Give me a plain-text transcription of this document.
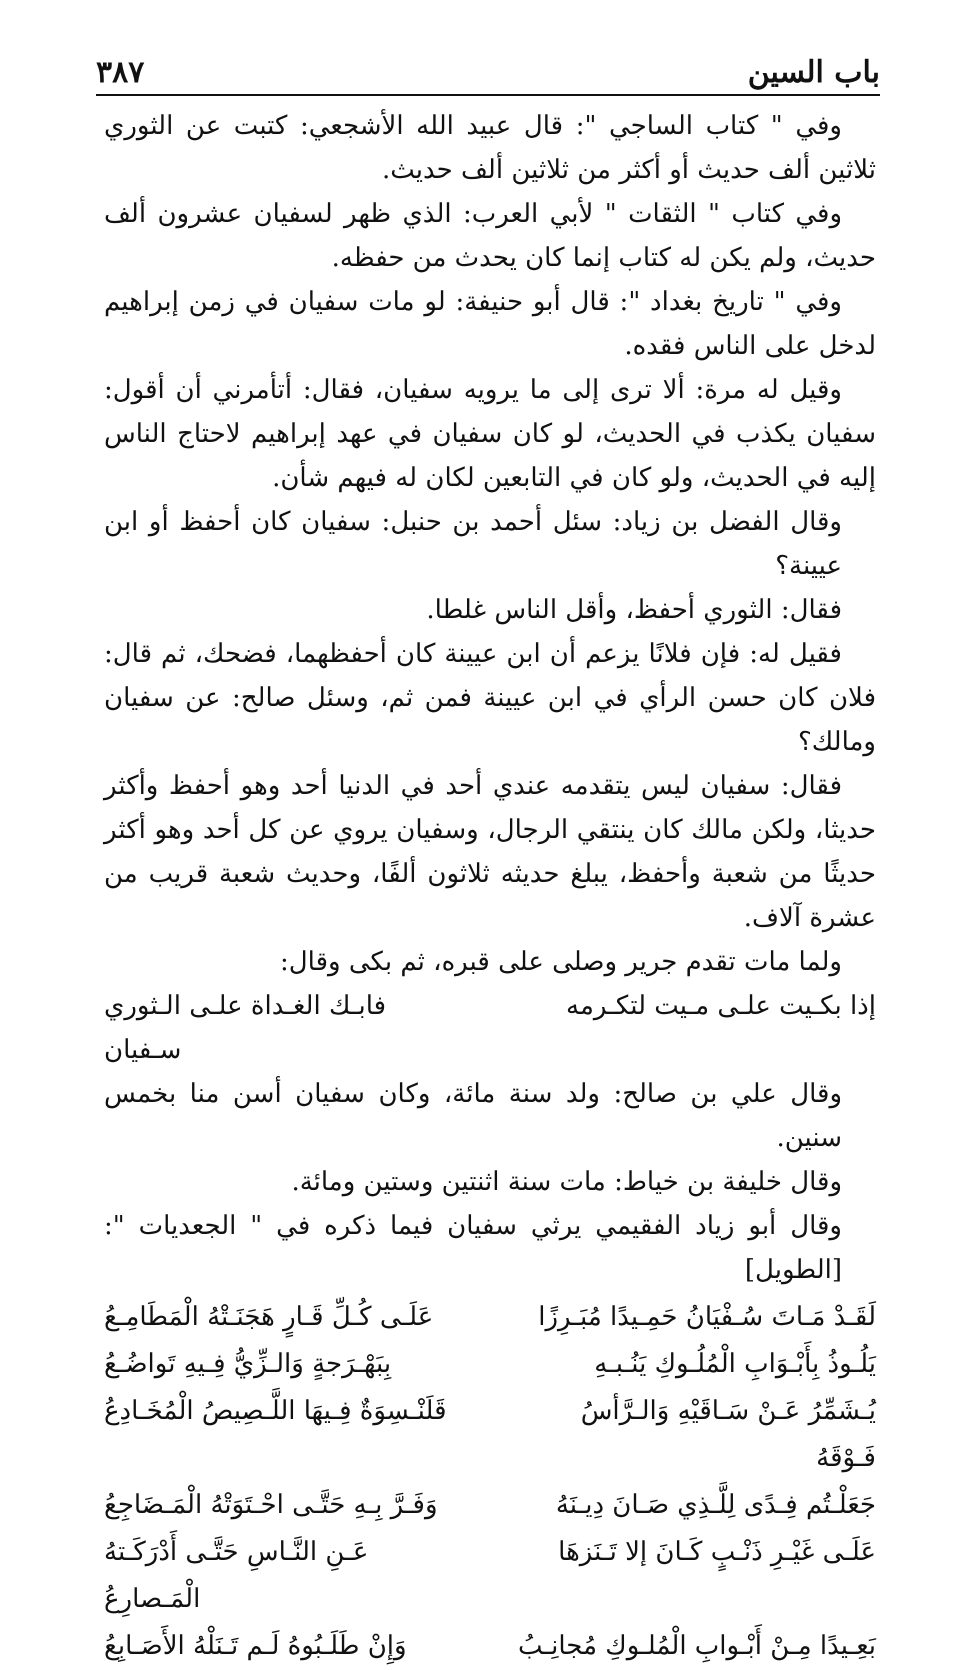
باب السين
٣٨٧

وفي " كتاب الساجي ": قال عبيد الله الأشجعي: كتبت عن الثوري ثلاثين ألف حديث أو أكثر من ثلاثين ألف حديث.

وفي كتاب " الثقات " لأبي العرب: الذي ظهر لسفيان عشرون ألف حديث، ولم يكن له كتاب إنما كان يحدث من حفظه.

وفي " تاريخ بغداد ": قال أبو حنيفة: لو مات سفيان في زمن إبراهيم لدخل على الناس فقده.

وقيل له مرة: ألا ترى إلى ما يرويه سفيان، فقال: أتأمرني أن أقول: سفيان يكذب في الحديث، لو كان سفيان في عهد إبراهيم لاحتاج الناس إليه في الحديث، ولو كان في التابعين لكان له فيهم شأن.

وقال الفضل بن زياد: سئل أحمد بن حنبل: سفيان كان أحفظ أو ابن عيينة؟

فقال: الثوري أحفظ، وأقل الناس غلطا.

فقيل له: فإن فلانًا يزعم أن ابن عيينة كان أحفظهما، فضحك، ثم قال: فلان كان حسن الرأي في ابن عيينة فمن ثم، وسئل صالح: عن سفيان ومالك؟

فقال: سفيان ليس يتقدمه عندي أحد في الدنيا أحد وهو أحفظ وأكثر حديثا، ولكن مالك كان ينتقي الرجال، وسفيان يروي عن كل أحد وهو أكثر حديثًا من شعبة وأحفظ، يبلغ حديثه ثلاثون ألفًا، وحديث شعبة قريب من عشرة آلاف.

ولما مات تقدم جرير وصلى على قبره، ثم بكى وقال:

إذا بكـيت علـى مـيت لتكـرمه
فابـك الغـداة علـى الـثوري سـفيان

وقال علي بن صالح: ولد سنة مائة، وكان سفيان أسن منا بخمس سنين.

وقال خليفة بن خياط: مات سنة اثنتين وستين ومائة.

وقال أبو زياد الفقيمي يرثي سفيان فيما ذكره في " الجعديات ": [الطويل]

لَقَـدْ مَـاتَ سُـفْيَانُ حَمِـيدًا مُبَـرِزًا
عَلَـى كُـلِّ قَـارٍ هَجَنَـتْهُ الْمَطَامِـعُ
يَلُـوذُ بِأَبْـوَابِ الْمُلُـوكِ يَنُـبـهِ
بِبَهْـرَجةٍ وَالـزِّيُّ فِـيهِ تَواضُـعُ
يُـشَمِّرُ عَـنْ سَـاقَيْهِ وَالـرَّأسُ فَـوْقَهُ
قَلَنْـسِوَةٌ فِـيهَا اللَّـصِيصُ الْمُخَـادِعُ
جَعَلْـتُم فِـدًى لِلَّـذِي صَـانَ دِيـنَهُ
وَفَـرَّ بِـهِ حَتَّـى احْـتَوَتْهُ الْمَـضَاجِعُ
عَلَـى غَيْـرِ ذَنْـبٍ كَـانَ إلا تَـنَزهَا
عَـنِ النَّـاسِ حَتَّـى أَدْرَكَـتهُ الْمَـصارِعُ
بَعِـيدًا مِـنْ أَبْـوابِ الْمُلـوكِ مُجانِـبُ
وَإِنْ طَلَـبُوهُ لَـم تَـنَلْهُ الأَصَـابِعُ
